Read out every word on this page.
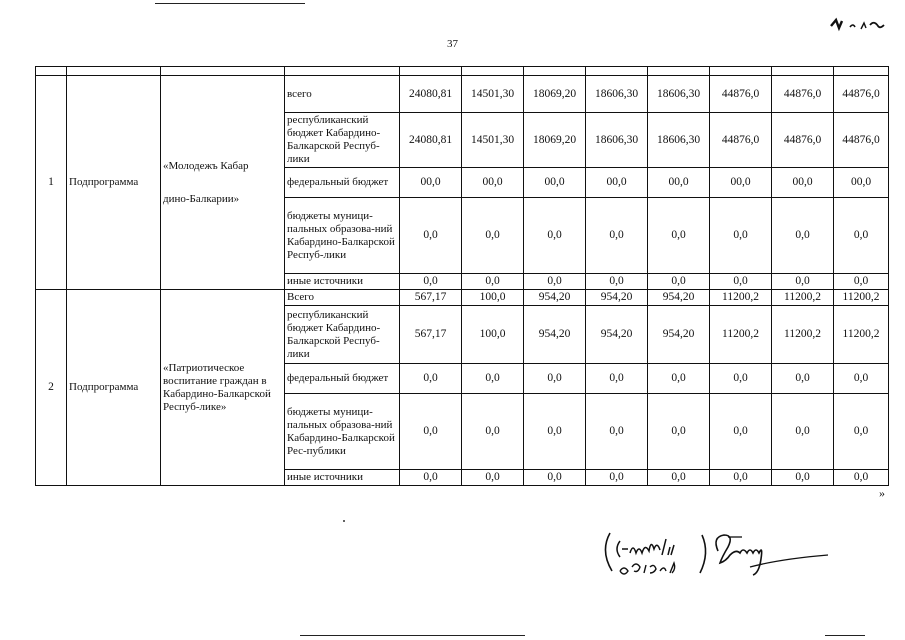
37

1	Подпрограмма	«Молодежъ Кабар
дино-Балкарии»	всего	24080,81	14501,30	18069,20	18606,30	18606,30	44876,0	44876,0	44876,0
			республиканский бюджет Кабардино-Балкарской Респуб-лики	24080,81	14501,30	18069,20	18606,30	18606,30	44876,0	44876,0	44876,0
			федеральный бюджет	00,0	00,0	00,0	00,0	00,0	00,0	00,0	00,0
			бюджеты муници-пальных образова-ний Кабардино-Балкарской Респуб-лики	0,0	0,0	0,0	0,0	0,0	0,0	0,0	0,0
			иные источники	0,0	0,0	0,0	0,0	0,0	0,0	0,0	0,0
2	Подпрограмма	«Патриотическое воспитание граждан в Кабардино-Балкарской Респуб-лике»	Всего	567,17	100,0	954,20	954,20	954,20	11200,2	11200,2	11200,2
			республиканский бюджет Кабардино-Балкарской Респуб-лики	567,17	100,0	954,20	954,20	954,20	11200,2	11200,2	11200,2
			федеральный бюджет	0,0	0,0	0,0	0,0	0,0	0,0	0,0	0,0
			бюджеты муници-пальных образова-ний Кабардино-Балкарской Рес-публики	0,0	0,0	0,0	0,0	0,0	0,0	0,0	0,0
			иные источники	0,0	0,0	0,0	0,0	0,0	0,0	0,0	0,0
»
